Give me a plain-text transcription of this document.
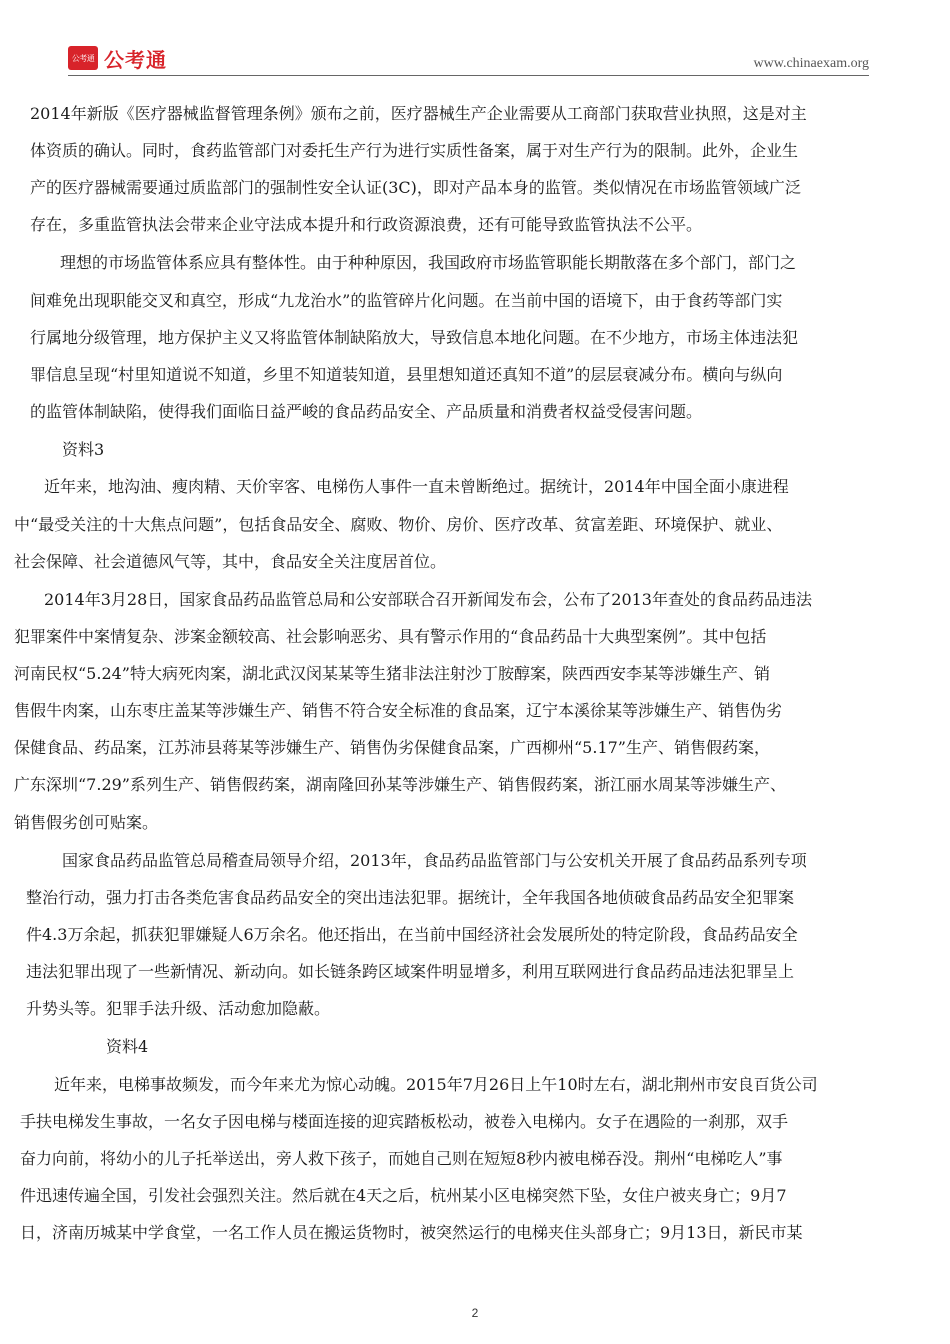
公考通 公考通	www.chinaexam.org
2014年新版《医疗器械监督管理条例》颁布之前，医疗器械生产企业需要从工商部门获取营业执照，这是对主
体资质的确认。同时，食药监管部门对委托生产行为进行实质性备案，属于对生产行为的限制。此外，企业生
产的医疗器械需要通过质监部门的强制性安全认证(3C)，即对产品本身的监管。类似情况在市场监管领域广泛
存在，多重监管执法会带来企业守法成本提升和行政资源浪费，还有可能导致监管执法不公平。
理想的市场监管体系应具有整体性。由于种种原因，我国政府市场监管职能长期散落在多个部门，部门之
间难免出现职能交叉和真空，形成“九龙治水”的监管碎片化问题。在当前中国的语境下，由于食药等部门实
行属地分级管理，地方保护主义又将监管体制缺陷放大，导致信息本地化问题。在不少地方，市场主体违法犯
罪信息呈现“村里知道说不知道，乡里不知道装知道，县里想知道还真知不道”的层层衰减分布。横向与纵向
的监管体制缺陷，使得我们面临日益严峻的食品药品安全、产品质量和消费者权益受侵害问题。
资料3
近年来，地沟油、瘦肉精、天价宰客、电梯伤人事件一直未曾断绝过。据统计，2014年中国全面小康进程
中“最受关注的十大焦点问题”，包括食品安全、腐败、物价、房价、医疗改革、贫富差距、环境保护、就业、
社会保障、社会道德风气等，其中，食品安全关注度居首位。
2014年3月28日，国家食品药品监管总局和公安部联合召开新闻发布会，公布了2013年查处的食品药品违法
犯罪案件中案情复杂、涉案金额较高、社会影响恶劣、具有警示作用的“食品药品十大典型案例”。其中包括
河南民权“5.24”特大病死肉案，湖北武汉闵某某等生猪非法注射沙丁胺醇案，陕西西安李某等涉嫌生产、销
售假牛肉案，山东枣庄盖某等涉嫌生产、销售不符合安全标准的食品案，辽宁本溪徐某等涉嫌生产、销售伪劣
保健食品、药品案，江苏沛县蒋某等涉嫌生产、销售伪劣保健食品案，广西柳州“5.17”生产、销售假药案，
广东深圳“7.29”系列生产、销售假药案，湖南隆回孙某等涉嫌生产、销售假药案，浙江丽水周某等涉嫌生产、
销售假劣创可贴案。
国家食品药品监管总局稽查局领导介绍，2013年，食品药品监管部门与公安机关开展了食品药品系列专项
整治行动，强力打击各类危害食品药品安全的突出违法犯罪。据统计，全年我国各地侦破食品药品安全犯罪案
件4.3万余起，抓获犯罪嫌疑人6万余名。他还指出，在当前中国经济社会发展所处的特定阶段，食品药品安全
违法犯罪出现了一些新情况、新动向。如长链条跨区域案件明显增多，利用互联网进行食品药品违法犯罪呈上
升势头等。犯罪手法升级、活动愈加隐蔽。
资料4
近年来，电梯事故频发，而今年来尤为惊心动魄。2015年7月26日上午10时左右，湖北荆州市安良百货公司
手扶电梯发生事故，一名女子因电梯与楼面连接的迎宾踏板松动，被卷入电梯内。女子在遇险的一刹那，双手
奋力向前，将幼小的儿子托举送出，旁人救下孩子，而她自己则在短短8秒内被电梯吞没。荆州“电梯吃人”事
件迅速传遍全国，引发社会强烈关注。然后就在4天之后，杭州某小区电梯突然下坠，女住户被夹身亡；9月7
日，济南历城某中学食堂，一名工作人员在搬运货物时，被突然运行的电梯夹住头部身亡；9月13日，新民市某
2
